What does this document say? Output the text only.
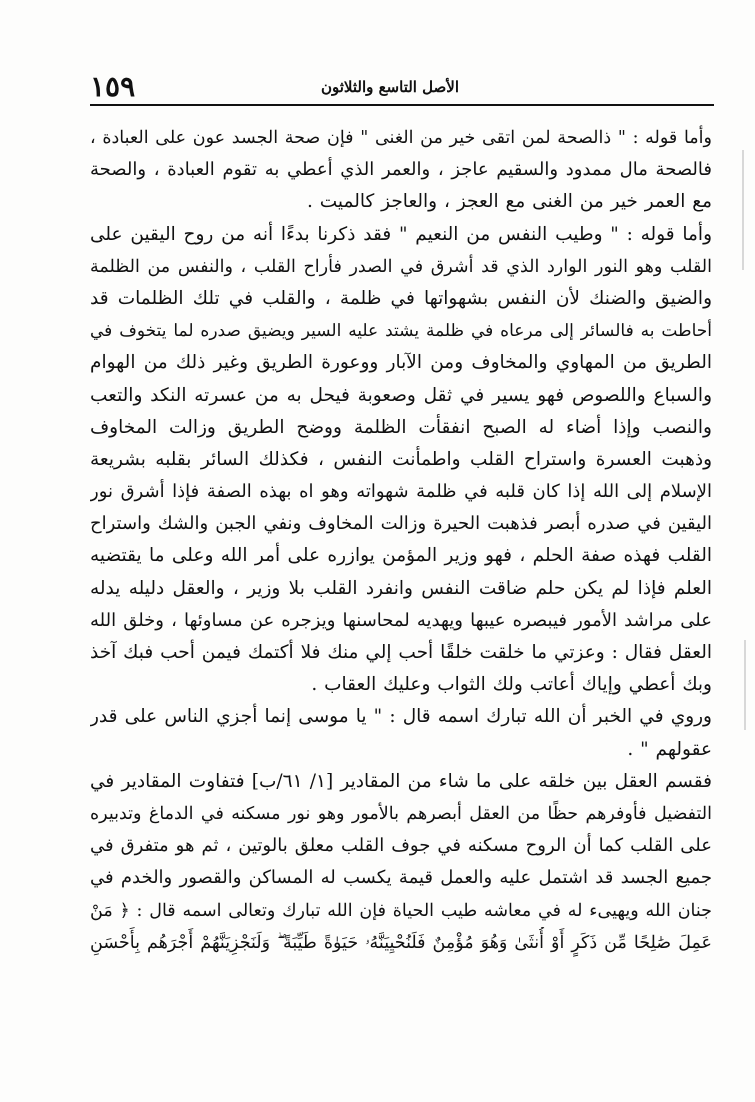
الأصل التاسع والثلاثون
١٥٩
وأما قوله : " ذالصحة لمن اتقى خير من الغنى " فإن صحة الجسد عون على العبادة ،
فالصحة مال ممدود والسقيم عاجز ، والعمر الذي أعطي به تقوم العبادة ، والصحة
مع العمر خير من الغنى مع العجز ، والعاجز كالميت .
وأما قوله : " وطيب النفس من النعيم " فقد ذكرنا بدءًا أنه من روح اليقين على
القلب وهو النور الوارد الذي قد أشرق في الصدر فأراح القلب ، والنفس من الظلمة
والضيق والضنك لأن النفس بشهواتها في ظلمة ، والقلب في تلك الظلمات قد
أحاطت به فالسائر إلى مرعاه في ظلمة يشتد عليه السير ويضيق صدره لما يتخوف في
الطريق من المهاوي والمخاوف ومن الآبار ووعورة الطريق وغير ذلك من الهوام
والسباع واللصوص فهو يسير في ثقل وصعوبة فيحل به من عسرته النكد والتعب
والنصب وإذا أضاء له الصبح انفقأت الظلمة ووضح الطريق وزالت المخاوف
وذهبت العسرة واستراح القلب واطمأنت النفس ، فكذلك السائر بقلبه بشريعة
الإسلام إلى الله إذا كان قلبه في ظلمة شهواته وهو اه بهذه الصفة فإذا أشرق نور
اليقين في صدره أبصر فذهبت الحيرة وزالت المخاوف ونفي الجبن والشك واستراح
القلب فهذه صفة الحلم ، فهو وزير المؤمن يوازره على أمر الله وعلى ما يقتضيه
العلم فإذا لم يكن حلم ضاقت النفس وانفرد القلب بلا وزير ، والعقل دليله يدله
على مراشد الأمور فيبصره عيبها ويهديه لمحاسنها ويزجره عن مساوئها ، وخلق الله
العقل فقال : وعزتي ما خلقت خلقًا أحب إلي منك فلا أكتمك فيمن أحب فبك آخذ
وبك أعطي وإياك أعاتب ولك الثواب وعليك العقاب .
وروي في الخبر أن الله تبارك اسمه قال : " يا موسى إنما أجزي الناس على قدر
عقولهم " .
فقسم العقل بين خلقه على ما شاء من المقادير [١/ ٦١/ب] فتفاوت المقادير في
التفضيل فأوفرهم حظًا من العقل أبصرهم بالأمور وهو نور مسكنه في الدماغ وتدبيره
على القلب كما أن الروح مسكنه في جوف القلب معلق بالوتين ، ثم هو متفرق في
جميع الجسد قد اشتمل عليه والعمل قيمة يكسب له المساكن والقصور والخدم في
جنان الله ويهيىء له في معاشه طيب الحياة فإن الله تبارك وتعالى اسمه قال : ﴿ مَنْ
عَمِلَ صَٰلِحًا مِّن ذَكَرٍ أَوْ أُنثَىٰ وَهُوَ مُؤْمِنٌ فَلَنُحْيِيَنَّهُۥ حَيَوٰةً طَيِّبَةً ۖ وَلَنَجْزِيَنَّهُمْ أَجْرَهُم بِأَحْسَنِ
